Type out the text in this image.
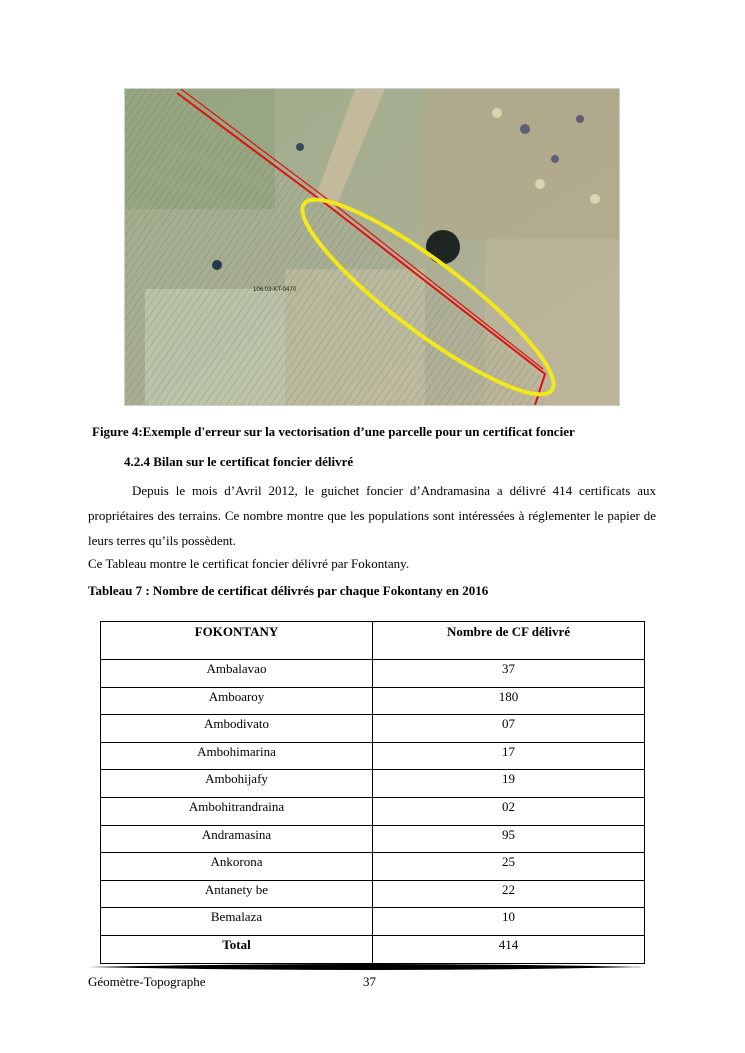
106.03-KT-0470
Figure 4:Exemple d'erreur sur la vectorisation d’une parcelle pour un certificat foncier
4.2.4 Bilan sur le certificat foncier délivré

Depuis le mois d’Avril 2012, le guichet foncier d’Andramasina a délivré 414 certificats aux propriétaires des terrains. Ce nombre montre que les populations sont intéressées à réglementer le papier de leurs terres qu’ils possèdent.

Ce Tableau montre le certificat foncier délivré par Fokontany.
Tableau 7 : Nombre de certificat délivrés par chaque Fokontany en 2016
FOKONTANY	Nombre de CF délivré
Ambalavao	37
Amboaroy	180
Ambodivato	07
Ambohimarina	17
Ambohijafy	19
Ambohitrandraina	02
Andramasina	95
Ankorona	25
Antanety be	22
Bemalaza	10
Total	414
Géomètre-Topographe	37
